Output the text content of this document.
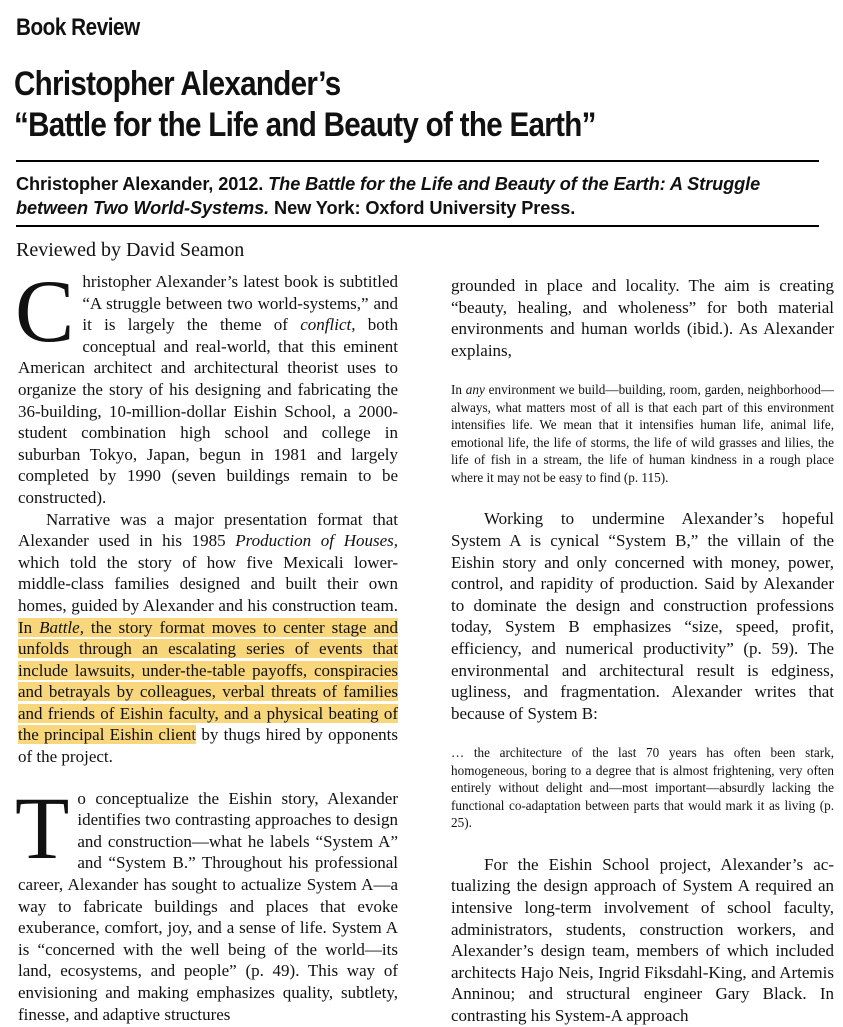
Book Review
Christopher Alexander’s
“Battle for the Life and Beauty of the Earth”
Christopher Alexander, 2012. The Battle for the Life and Beauty of the Earth: A Struggle between Two World-Systems. New York: Oxford University Press.
Reviewed by David Seamon

Christopher Alexander’s latest book is subtitled “A struggle between two world-systems,” and it is largely the theme of conflict, both conceptual and real-world, that this eminent American architect and architectural theorist uses to organize the story of his designing and fabricating the 36-building, 10-million-dollar Eishin School, a 2000-student combination high school and college in suburban Tokyo, Japan, begun in 1981 and largely completed by 1990 (seven buildings remain to be constructed).

Narrative was a major presentation format that Alexander used in his 1985 Production of Houses, which told the story of how five Mexicali lower-middle-class families designed and built their own homes, guided by Alexander and his construction team. In Battle, the story format moves to center stage and unfolds through an escalating series of events that include lawsuits, under-the-table payoffs, conspiracies and betrayals by colleagues, verbal threats of families and friends of Eishin faculty, and a physical beating of the principal Eishin client by thugs hired by opponents of the project.

To conceptualize the Eishin story, Alexander identifies two contrasting approaches to design and construction—what he labels “System A” and “System B.” Throughout his professional career, Alexander has sought to actualize System A—a way to fabricate buildings and places that evoke exuberance, comfort, joy, and a sense of life. System A is “concerned with the well being of the world—its land, ecosystems, and people” (p. 49). This way of envisioning and making emphasizes quality, subtlety, finesse, and adaptive structures

grounded in place and locality. The aim is creating “beauty, healing, and wholeness” for both material environments and human worlds (ibid.). As Alexander explains,

In any environment we build—building, room, garden, neighborhood—always, what matters most of all is that each part of this environment intensifies life. We mean that it intensifies human life, animal life, emotional life, the life of storms, the life of wild grasses and lilies, the life of fish in a stream, the life of human kindness in a rough place where it may not be easy to find (p. 115).

Working to undermine Alexander’s hopeful System A is cynical “System B,” the villain of the Eishin story and only concerned with money, power, control, and rapidity of production. Said by Alexander to dominate the design and construction professions today, System B emphasizes “size, speed, profit, efficiency, and numerical productivity” (p. 59). The environmental and architectural result is edginess, ugliness, and fragmentation. Alexander writes that because of System B:

… the architecture of the last 70 years has often been stark, homogeneous, boring to a degree that is almost frightening, very often entirely without delight and—most important—absurdly lacking the functional co-adaptation between parts that would mark it as living (p. 25).

For the Eishin School project, Alexander’s actualizing the design approach of System A required an intensive long-term involvement of school faculty, administrators, students, construction workers, and Alexander’s design team, members of which included architects Hajo Neis, Ingrid Fiksdahl-King, and Artemis Anninou; and structural engineer Gary Black. In contrasting his System-A approach
